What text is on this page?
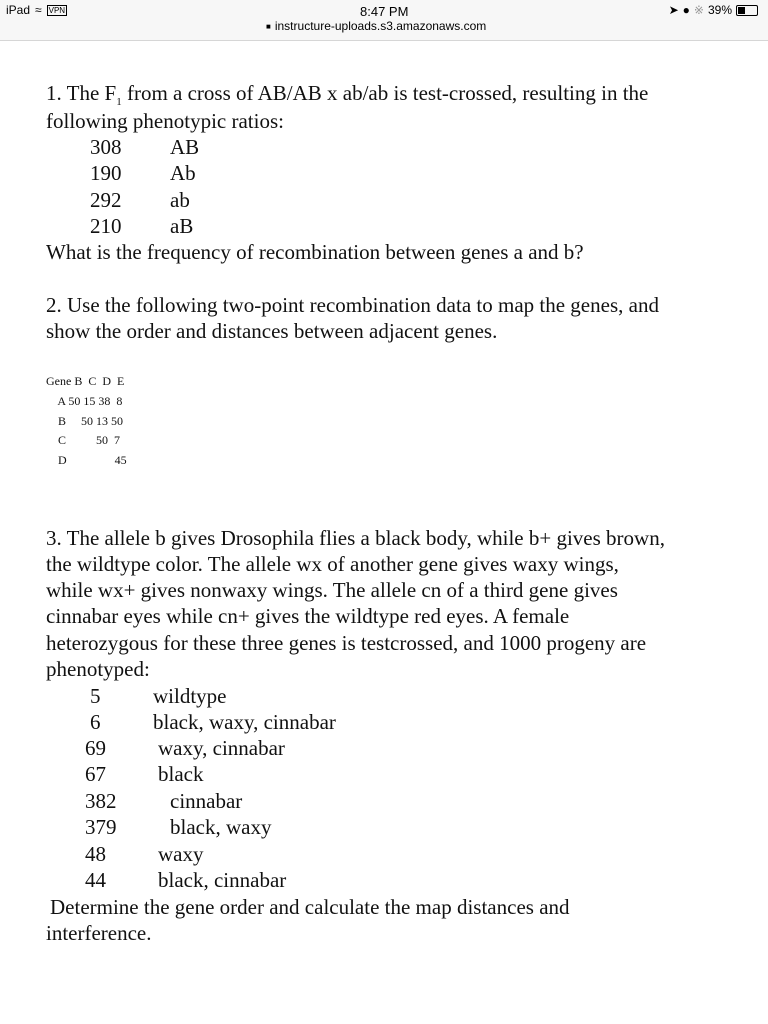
iPad ≈ VPN	8:47 PM
■ instructure-uploads.s3.amazonaws.com
➤ ● ※ 39%
1. The $F_1$ from a cross of AB/AB x ab/ab is test-crossed, resulting in the
following phenotypic ratios:
308 AB
190 Ab
292 ab
210 aB
What is the frequency of recombination between genes a and b?
2. Use the following two-point recombination data to map the genes, and
show the order and distances between adjacent genes.
Gene B  C  D  E
A 50 15 38  8
B     50 13 50
C          50  7
D                45
3. The allele b gives Drosophila flies a black body, while b+ gives brown,
the wildtype color. The allele wx of another gene gives waxy wings,
while wx+ gives nonwaxy wings. The allele cn of a third gene gives
cinnabar eyes while cn+ gives the wildtype red eyes. A female
heterozygous for these three genes is testcrossed, and 1000 progeny are
phenotyped:
5	wildtype
6	black, waxy, cinnabar
69 waxy, cinnabar
67 black
382	cinnabar
379	black, waxy
48 waxy
44 black, cinnabar
Determine the gene order and calculate the map distances and
interference.
